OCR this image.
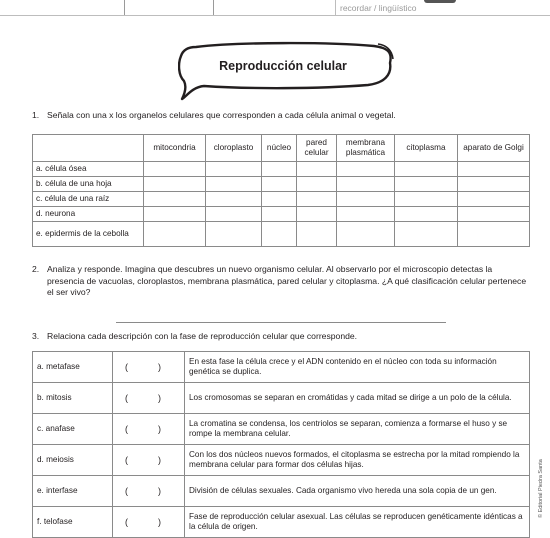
recordar / lingüístico
Reproducción celular
1. Señala con una x los organelos celulares que corresponden a cada célula animal o vegetal.
	mitocondria	cloroplasto	núcleo	pared celular	membrana plasmática	citoplasma	aparato de Golgi
a. célula ósea							
b. célula de una hoja							
c. célula de una raíz							
d. neurona							
e. epidermis de la cebolla							
2. Analiza y responde. Imagina que descubres un nuevo organismo celular. Al observarlo por el microscopio detectas la presencia de vacuolas, cloroplastos, membrana plasmática, pared celular y citoplasma. ¿A qué clasificación celular pertenece el ser vivo?
3. Relaciona cada descripción con la fase de reproducción celular que corresponde.
a. metafase	( )	En esta fase la célula crece y el ADN contenido en el núcleo con toda su información genética se duplica.
b. mitosis	( )	Los cromosomas se separan en cromátidas y cada mitad se dirige a un polo de la célula.
c. anafase	( )	La cromatina se condensa, los centriolos se separan, comienza a formarse el huso y se rompe la membrana celular.
d. meiosis	( )	Con los dos núcleos nuevos formados, el citoplasma se estrecha por la mitad rompiendo la membrana celular para formar dos células hijas.
e. interfase	( )	División de células sexuales. Cada organismo vivo hereda una sola copia de un gen.
f. telofase	( )	Fase de reproducción celular asexual. Las células se reproducen genéticamente idénticas a la célula de origen.
© Editorial Piedra Santa
